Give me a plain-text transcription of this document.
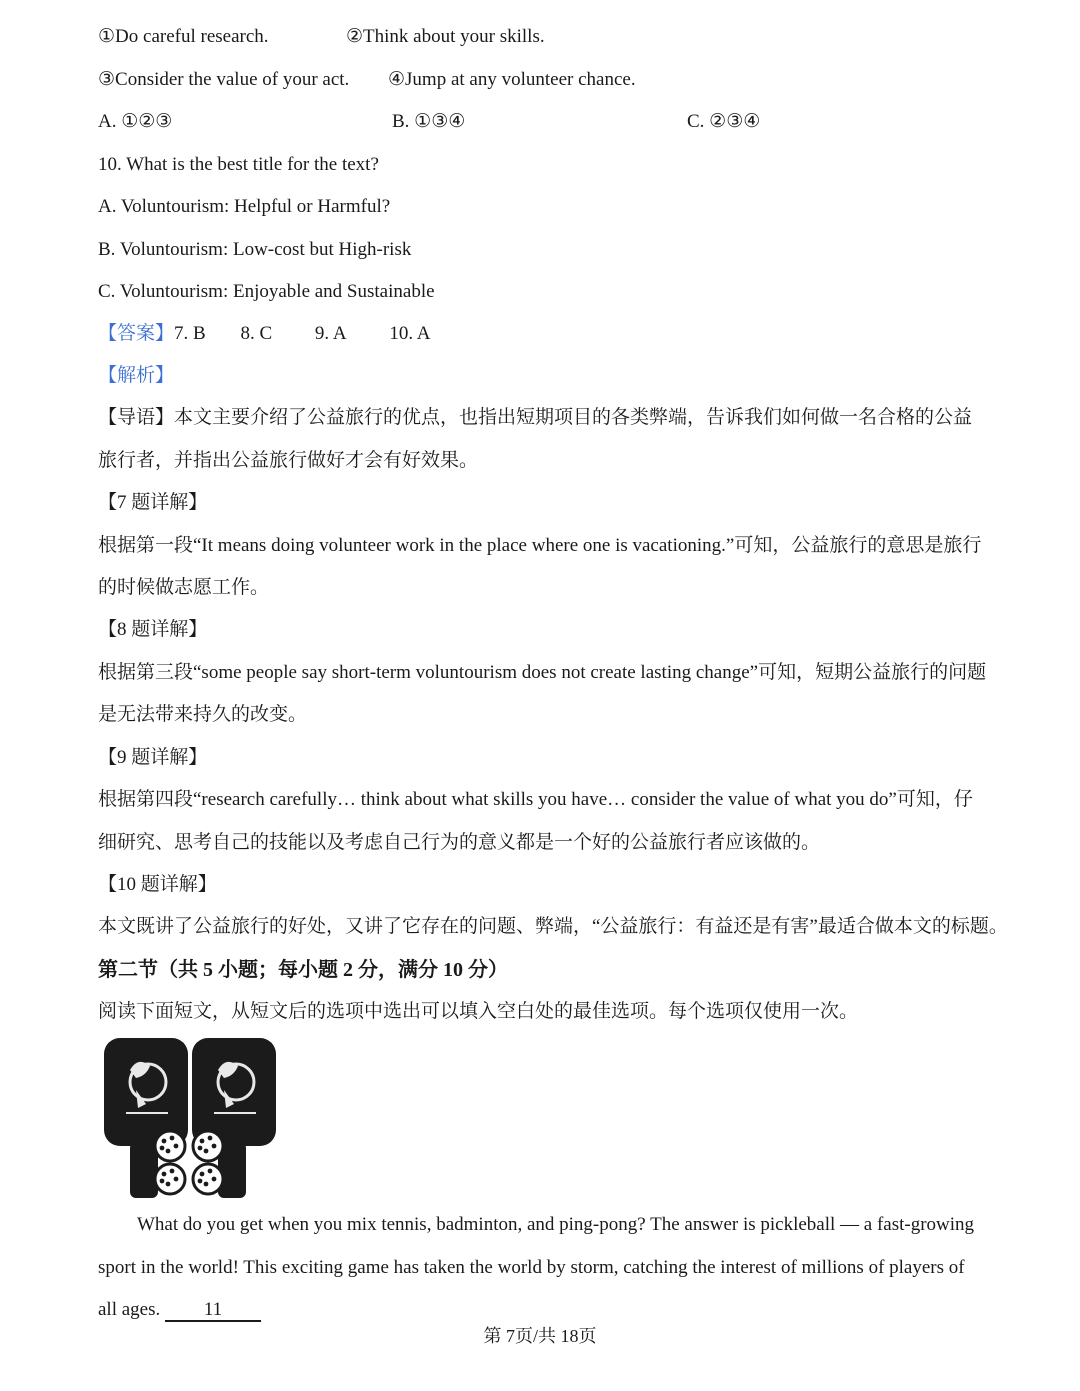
①Do careful research.	②Think about your skills.
③Consider the value of your act. ④Jump at any volunteer chance.
A. ①②③	B. ①③④	C. ②③④
10. What is the best title for the text?
A. Voluntourism: Helpful or Harmful?
B. Voluntourism: Low-cost but High-risk
C. Voluntourism: Enjoyable and Sustainable
【答案】7. B 8. C 9. A 10. A
【解析】
【导语】本文主要介绍了公益旅行的优点，也指出短期项目的各类弊端，告诉我们如何做一名合格的公益
旅行者，并指出公益旅行做好才会有好效果。
【7 题详解】
根据第一段“It means doing volunteer work in the place where one is vacationing.”可知，公益旅行的意思是旅行
的时候做志愿工作。
【8 题详解】
根据第三段“some people say short-term voluntourism does not create lasting change”可知，短期公益旅行的问题
是无法带来持久的改变。
【9 题详解】
根据第四段“research carefully… think about what skills you have… consider the value of what you do”可知，仔
细研究、思考自己的技能以及考虑自己行为的意义都是一个好的公益旅行者应该做的。
【10 题详解】
本文既讲了公益旅行的好处，又讲了它存在的问题、弊端，“公益旅行：有益还是有害”最适合做本文的标题。
第二节（共 5 小题；每小题 2 分，满分 10 分）
阅读下面短文，从短文后的选项中选出可以填入空白处的最佳选项。每个选项仅使用一次。
What do you get when you mix tennis, badminton, and ping-pong? The answer is pickleball — a fast-growing
sport in the world! This exciting game has taken the world by storm, catching the interest of millions of players of
all ages. 11
第 7页/共 18页
